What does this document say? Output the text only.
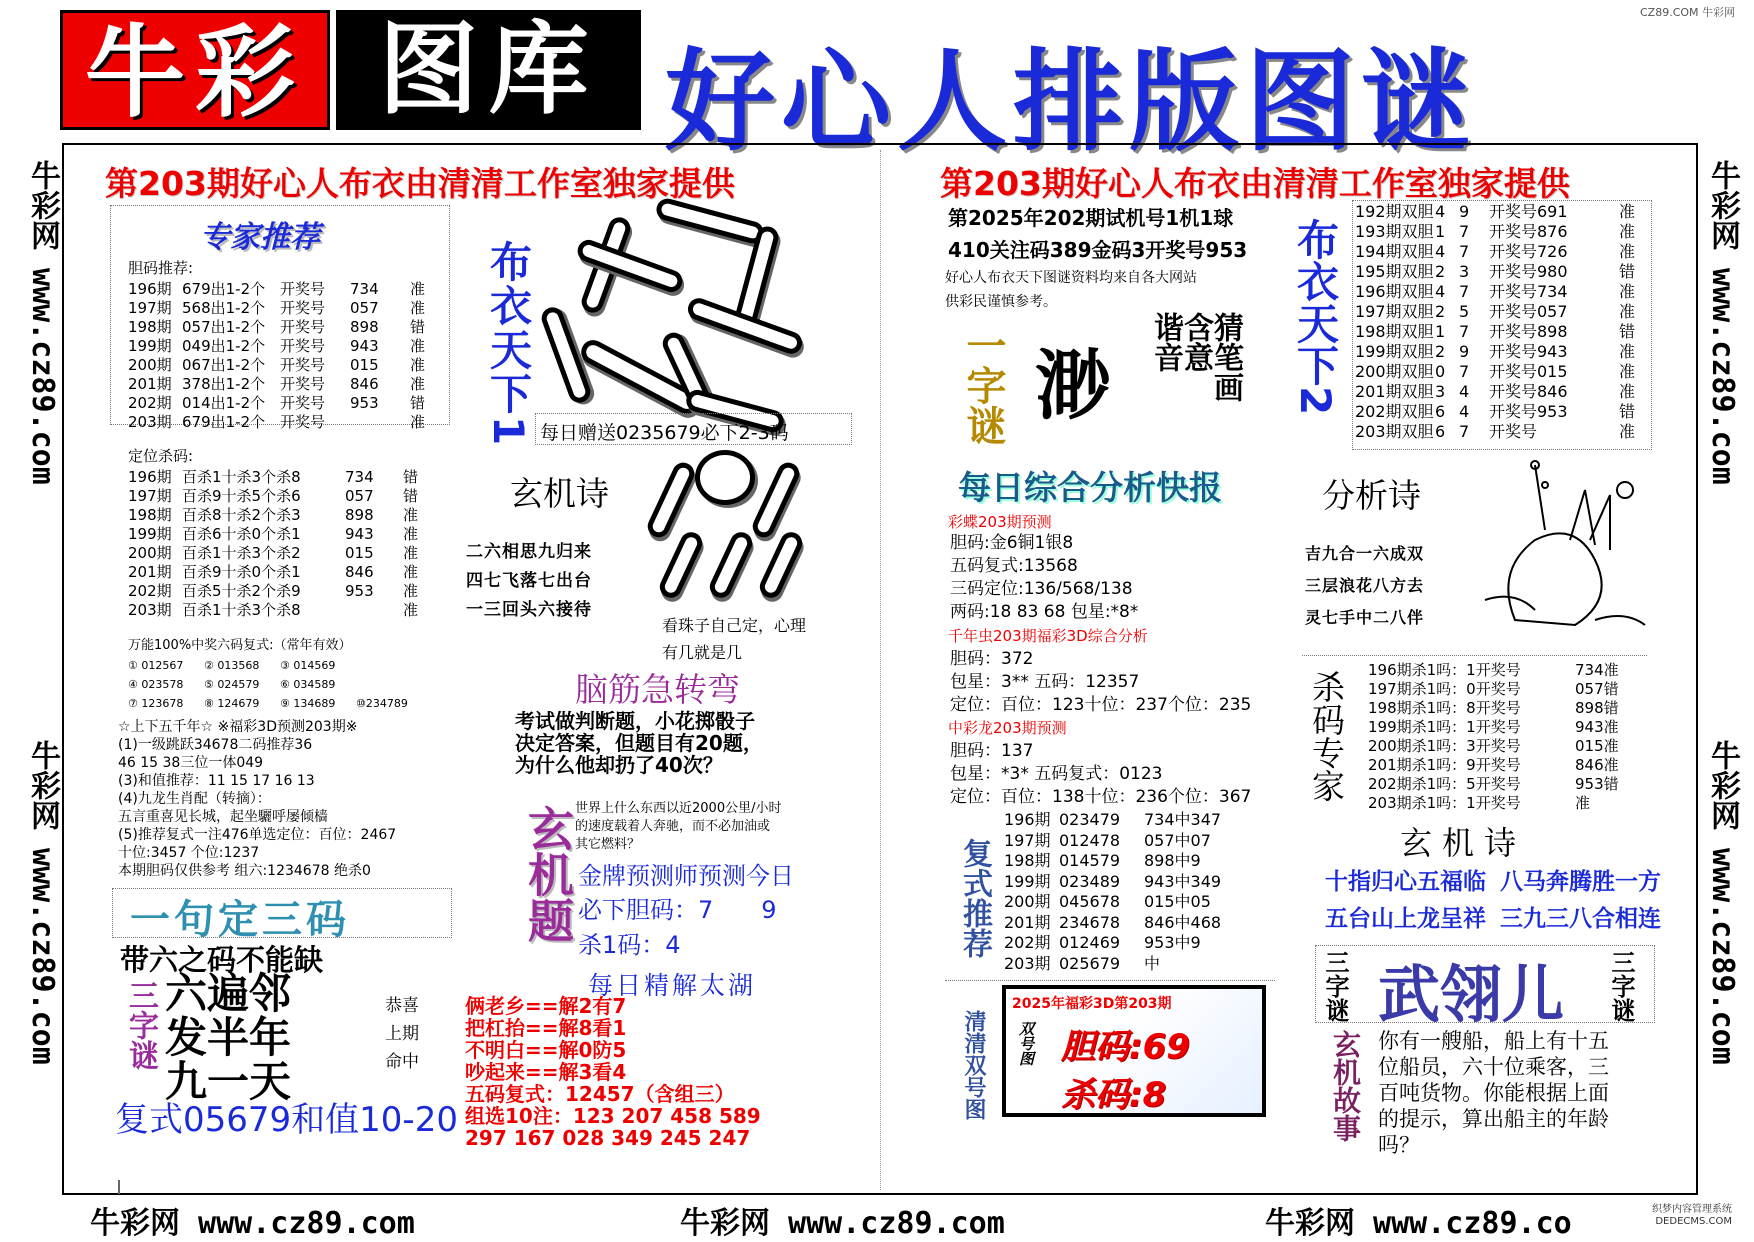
CZ89.COM 牛彩网
牛彩 图库 好心人排版图谜
牛彩网 www.cz89.com
牛彩网 www.cz89.com
牛彩网 www.cz89.com
牛彩网 www.cz89.com
牛彩网 www.cz89.com	牛彩网 www.cz89.com	牛彩网 www.cz89.co	织梦内容管理系统
DEDECMS.COM
第203期好心人布衣由清清工作室独家提供
专家推荐
胆码推荐:
196期 679出1-2个 开奖号	734	准
197期 568出1-2个 开奖号	057	准
198期 057出1-2个 开奖号	898	错
199期 049出1-2个 开奖号	943	准
200期 067出1-2个 开奖号	015	准
201期 378出1-2个 开奖号	846	准
202期 014出1-2个 开奖号	953	错
203期 679出1-2个 开奖号	准
定位杀码:
196期 百杀1十杀3个杀8	734	错
197期 百杀9十杀5个杀6	057	错
198期 百杀8十杀2个杀3	898	准
199期 百杀6十杀0个杀1	943	准
200期 百杀1十杀3个杀2	015	准
201期 百杀9十杀0个杀1	846	准
202期 百杀5十杀2个杀9	953	准
203期 百杀1十杀3个杀8	准
万能100%中奖六码复式:（常年有效）
① 012567	② 013568	③ 014569
④ 023578	⑤ 024579	⑥ 034589
⑦ 123678	⑧ 124679	⑨ 134689	⑩234789
☆上下五千年☆ ※福彩3D预测203期※
(1)一级跳跃34678二码推荐36
46 15 38三位一体049
(3)和值推荐：11 15 17 16 13
(4)九龙生肖配（转摘）：
五言重喜见长城，起坐驪呼屡倾樯
(5)推荐复式一注476单选定位：百位：2467
十位:3457 个位:1237
本期胆码仅供参考 组六:1234678 绝杀0
布衣天下1 每日赠送0235679必下2-3码
玄机诗
二六相思九归来
四七飞落七出台
一三回头六接待
看珠子自己定，心理
有几就是几
脑筋急转弯
考试做判断题，小花掷骰子
决定答案，但题目有20题，
为什么他却扔了40次？
玄机题 世界上什么东西以近2000公里/小时
的速度载着人奔驰，而不必加油或
其它燃料？
金牌预测师预测今日
必下胆码：7　　9
杀1码：4
一句定三码
带六之码不能缺
三字谜 六遍邻
发半年
九一天
恭喜
上期
命中
复式05679和值10-20
每日精解太湖
俩老乡==解2有7
把杠抬==解8看1
不明白==解0防5
吵起来==解3看4
五码复式：12457（含组三）
组选10注：123 207 458 589
297 167 028 349 245 247
第203期好心人布衣由清清工作室独家提供
第2025年202期试机号1机1球
410关注码389金码3开奖号953
好心人布衣天下图谜资料均来自各大网站
供彩民谨慎参考。	布衣天下2
一字谜 渺
谐音
含意
猜笔画
192期双胆 4 9	开奖号691	准
193期双胆 1 7	开奖号876	准
194期双胆 4 7	开奖号726	准
195期双胆 2 3	开奖号980	错
196期双胆 4 7	开奖号734	准
197期双胆 2 5	开奖号057	准
198期双胆 1 7	开奖号898	错
199期双胆 2 9	开奖号943	准
200期双胆 0 7	开奖号015	准
201期双胆 3 4	开奖号846	准
202期双胆 6 4	开奖号953	错
203期双胆 6 7	开奖号	准
每日综合分析快报
彩蝶203期预测
胆码:金6铜1银8
五码复式:13568
三码定位:136/568/138
两码:18 83 68 包星:*8*
千年虫203期福彩3D综合分析
胆码：372
包星：3** 五码：12357
定位：百位：123十位：237个位：235
中彩龙203期预测
胆码：137
包星：*3* 五码复式：0123
定位：百位：138十位：236个位：367
分析诗
吉九合一六成双
三层浪花八方去
灵七手中二八伴
杀码专家 196期杀1吗：1开奖号	734准
197期杀1吗：0开奖号	057错
198期杀1吗：8开奖号	898错
199期杀1吗：1开奖号	943准
200期杀1吗：3开奖号	015准
201期杀1吗：9开奖号	846准
202期杀1吗：5开奖号	953错
203期杀1吗：1开奖号	准
复式推荐
196期 023479	734中347
197期 012478	057中07
198期 014579	898中9
199期 023489	943中349
200期 045678	015中05
201期 234678	846中468
202期 012469	953中9
203期 025679	中
清清双号图
2025年福彩3D第203期
双号图 胆码:69
杀码:8
玄机诗
十指归心五福临 八马奔腾胜一方
五台山上龙呈祥 三九三八合相连
三字谜 武翎儿 三字谜
玄机故事 你有一艘船，船上有十五
位船员，六十位乘客，三
百吨货物。你能根据上面
的提示，算出船主的年龄
吗？
